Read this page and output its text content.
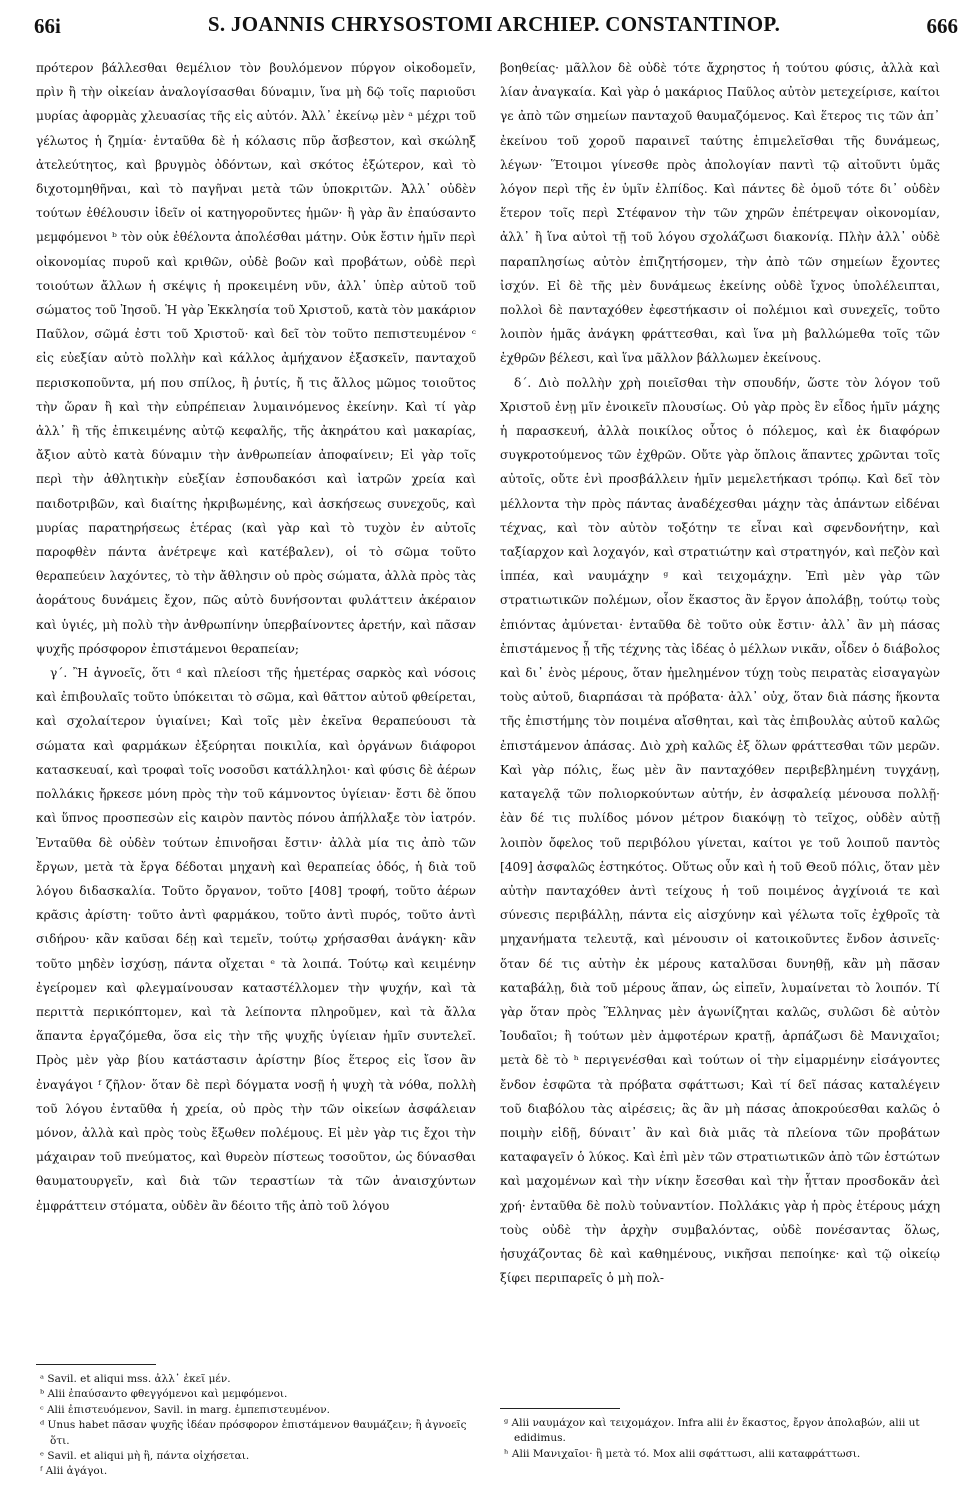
66i	S. JOANNIS CHRYSOSTOMI ARCHIEP. CONSTANTINOP.	666

πρότερον βάλλεσθαι θεμέλιον τὸν βουλόμενον πύργον οἰκοδομεῖν, πρὶν ἢ τὴν οἰκείαν ἀναλογίσασθαι δύναμιν, ἵνα μὴ δῷ τοῖς παριοῦσι μυρίας ἀφορμὰς χλευασίας τῆς εἰς αὐτόν. Ἀλλ᾽ ἐκείνῳ μὲν ᵃ μέχρι τοῦ γέλωτος ἡ ζημία· ἐνταῦθα δὲ ἡ κόλασις πῦρ ἄσβεστον, καὶ σκώληξ ἀτελεύτητος, καὶ βρυγμὸς ὀδόντων, καὶ σκότος ἐξώτερον, καὶ τὸ διχοτομηθῆναι, καὶ τὸ παγῆναι μετὰ τῶν ὑποκριτῶν. Ἀλλ᾽ οὐδὲν τούτων ἐθέλουσιν ἰδεῖν οἱ κατηγοροῦντες ἡμῶν· ἢ γὰρ ἂν ἐπαύσαντο μεμφόμενοι ᵇ τὸν οὐκ ἐθέλοντα ἀπολέσθαι μάτην. Οὐκ ἔστιν ἡμῖν περὶ οἰκονομίας πυροῦ καὶ κριθῶν, οὐδὲ βοῶν καὶ προβάτων, οὐδὲ περὶ τοιούτων ἄλλων ἡ σκέψις ἡ προκειμένη νῦν, ἀλλ᾽ ὑπὲρ αὐτοῦ τοῦ σώματος τοῦ Ἰησοῦ. Ἡ γὰρ Ἐκκλησία τοῦ Χριστοῦ, κατὰ τὸν μακάριον Παῦλον, σῶμά ἐστι τοῦ Χριστοῦ· καὶ δεῖ τὸν τοῦτο πεπιστευμένον ᶜ εἰς εὐεξίαν αὐτὸ πολλὴν καὶ κάλλος ἀμήχανον ἐξασκεῖν, πανταχοῦ περισκοποῦντα, μή που σπίλος, ἢ ῥυτίς, ἤ τις ἄλλος μῶμος τοιοῦτος τὴν ὥραν ἢ καὶ τὴν εὐπρέπειαν λυμαινόμενος ἐκείνην. Καὶ τί γὰρ ἀλλ᾽ ἢ τῆς ἐπικειμένης αὐτῷ κεφαλῆς, τῆς ἀκηράτου καὶ μακαρίας, ἄξιον αὐτὸ κατὰ δύναμιν τὴν ἀνθρωπείαν ἀποφαίνειν; Εἰ γὰρ τοῖς περὶ τὴν ἀθλητικὴν εὐεξίαν ἐσπουδακόσι καὶ ἰατρῶν χρεία καὶ παιδοτριβῶν, καὶ διαίτης ἠκριβωμένης, καὶ ἀσκήσεως συνεχοῦς, καὶ μυρίας παρατηρήσεως ἑτέρας (καὶ γὰρ καὶ τὸ τυχὸν ἐν αὐτοῖς παροφθὲν πάντα ἀνέτρεψε καὶ κατέβαλεν), οἱ τὸ σῶμα τοῦτο θεραπεύειν λαχόντες, τὸ τὴν ἄθλησιν οὐ πρὸς σώματα, ἀλλὰ πρὸς τὰς ἀοράτους δυνάμεις ἔχον, πῶς αὐτὸ δυνήσονται φυλάττειν ἀκέραιον καὶ ὑγιές, μὴ πολὺ τὴν ἀνθρωπίνην ὑπερβαίνοντες ἀρετήν, καὶ πᾶσαν ψυχῆς πρόσφορον ἐπιστάμενοι θεραπείαν;

γ´. Ἢ ἀγνοεῖς, ὅτι ᵈ καὶ πλείοσι τῆς ἡμετέρας σαρκὸς καὶ νόσοις καὶ ἐπιβουλαῖς τοῦτο ὑπόκειται τὸ σῶμα, καὶ θᾶττον αὐτοῦ φθείρεται, καὶ σχολαίτερον ὑγιαίνει; Καὶ τοῖς μὲν ἐκεῖνα θεραπεύουσι τὰ σώματα καὶ φαρμάκων ἐξεύρηται ποικιλία, καὶ ὀργάνων διάφοροι κατασκευαί, καὶ τροφαὶ τοῖς νοσοῦσι κατάλληλοι· καὶ φύσις δὲ ἀέρων πολλάκις ἤρκεσε μόνη πρὸς τὴν τοῦ κάμνοντος ὑγίειαν· ἔστι δὲ ὅπου καὶ ὕπνος προσπεσὼν εἰς καιρὸν παντὸς πόνου ἀπήλλαξε τὸν ἰατρόν. Ἐνταῦθα δὲ οὐδὲν τούτων ἐπινοῆσαι ἔστιν· ἀλλὰ μία τις ἀπὸ τῶν ἔργων, μετὰ τὰ ἔργα δέδοται μηχανὴ καὶ θεραπείας ὁδός, ἡ διὰ τοῦ λόγου διδασκαλία. Τοῦτο ὄργανον, τοῦτο [408] τροφή, τοῦτο ἀέρων κρᾶσις ἀρίστη· τοῦτο ἀντὶ φαρμάκου, τοῦτο ἀντὶ πυρός, τοῦτο ἀντὶ σιδήρου· κἂν καῦσαι δέῃ καὶ τεμεῖν, τούτῳ χρήσασθαι ἀνάγκη· κἂν τοῦτο μηδὲν ἰσχύσῃ, πάντα οἴχεται ᵉ τὰ λοιπά. Τούτῳ καὶ κειμένην ἐγείρομεν καὶ φλεγμαίνουσαν καταστέλλομεν τὴν ψυχήν, καὶ τὰ περιττὰ περικόπτομεν, καὶ τὰ λείποντα πληροῦμεν, καὶ τὰ ἄλλα ἅπαντα ἐργαζόμεθα, ὅσα εἰς τὴν τῆς ψυχῆς ὑγίειαν ἡμῖν συντελεῖ. Πρὸς μὲν γὰρ βίου κατάστασιν ἀρίστην βίος ἕτερος εἰς ἴσον ἂν ἐναγάγοι ᶠ ζῆλον· ὅταν δὲ περὶ δόγματα νοσῇ ἡ ψυχὴ τὰ νόθα, πολλὴ τοῦ λόγου ἐνταῦθα ἡ χρεία, οὐ πρὸς τὴν τῶν οἰκείων ἀσφάλειαν μόνον, ἀλλὰ καὶ πρὸς τοὺς ἔξωθεν πολέμους. Εἰ μὲν γὰρ τις ἔχοι τὴν μάχαιραν τοῦ πνεύματος, καὶ θυρεὸν πίστεως τοσοῦτον, ὡς δύνασθαι θαυματουργεῖν, καὶ διὰ τῶν τεραστίων τὰ τῶν ἀναισχύντων ἐμφράττειν στόματα, οὐδὲν ἂν δέοιτο τῆς ἀπὸ τοῦ λόγου

βοηθείας· μᾶλλον δὲ οὐδὲ τότε ἄχρηστος ἡ τούτου φύσις, ἀλλὰ καὶ λίαν ἀναγκαία. Καὶ γὰρ ὁ μακάριος Παῦλος αὐτὸν μετεχείρισε, καίτοι γε ἀπὸ τῶν σημείων πανταχοῦ θαυμαζόμενος. Καὶ ἕτερος τις τῶν ἀπ᾽ ἐκείνου τοῦ χοροῦ παραινεῖ ταύτης ἐπιμελεῖσθαι τῆς δυνάμεως, λέγων· Ἕτοιμοι γίνεσθε πρὸς ἀπολογίαν παντὶ τῷ αἰτοῦντι ὑμᾶς λόγον περὶ τῆς ἐν ὑμῖν ἐλπίδος. Καὶ πάντες δὲ ὁμοῦ τότε δι᾽ οὐδὲν ἕτερον τοῖς περὶ Στέφανον τὴν τῶν χηρῶν ἐπέτρεψαν οἰκονομίαν, ἀλλ᾽ ἢ ἵνα αὐτοὶ τῇ τοῦ λόγου σχολάζωσι διακονίᾳ. Πλὴν ἀλλ᾽ οὐδὲ παραπλησίως αὐτὸν ἐπιζητήσομεν, τὴν ἀπὸ τῶν σημείων ἔχοντες ἰσχύν. Εἰ δὲ τῆς μὲν δυνάμεως ἐκείνης οὐδὲ ἴχνος ὑπολέλειπται, πολλοὶ δὲ πανταχόθεν ἐφεστήκασιν οἱ πολέμιοι καὶ συνεχεῖς, τοῦτο λοιπὸν ἡμᾶς ἀνάγκη φράττεσθαι, καὶ ἵνα μὴ βαλλώμεθα τοῖς τῶν ἐχθρῶν βέλεσι, καὶ ἵνα μᾶλλον βάλλωμεν ἐκείνους.

δ´. Διὸ πολλὴν χρὴ ποιεῖσθαι τὴν σπουδήν, ὥστε τὸν λόγον τοῦ Χριστοῦ ἐνῃ μῖν ἐνοικεῖν πλουσίως. Οὐ γὰρ πρὸς ἓν εἶδος ἡμῖν μάχης ἡ παρασκευή, ἀλλὰ ποικίλος οὗτος ὁ πόλεμος, καὶ ἐκ διαφόρων συγκροτούμενος τῶν ἐχθρῶν. Οὔτε γὰρ ὅπλοις ἅπαντες χρῶνται τοῖς αὐτοῖς, οὔτε ἑνὶ προσβάλλειν ἡμῖν μεμελετήκασι τρόπῳ. Καὶ δεῖ τὸν μέλλοντα τὴν πρὸς πάντας ἀναδέχεσθαι μάχην τὰς ἁπάντων εἰδέναι τέχνας, καὶ τὸν αὐτὸν τοξότην τε εἶναι καὶ σφενδονήτην, καὶ ταξίαρχον καὶ λοχαγόν, καὶ στρατιώτην καὶ στρατηγόν, καὶ πεζὸν καὶ ἱππέα, καὶ ναυμάχην ᵍ καὶ τειχομάχην. Ἐπὶ μὲν γὰρ τῶν στρατιωτικῶν πολέμων, οἷον ἕκαστος ἂν ἔργον ἀπολάβῃ, τούτῳ τοὺς ἐπιόντας ἀμύνεται· ἐνταῦθα δὲ τοῦτο οὐκ ἔστιν· ἀλλ᾽ ἂν μὴ πάσας ἐπιστάμενος ᾖ τῆς τέχνης τὰς ἰδέας ὁ μέλλων νικᾶν, οἶδεν ὁ διάβολος καὶ δι᾽ ἑνὸς μέρους, ὅταν ἠμελημένον τύχῃ τοὺς πειρατὰς εἰσαγαγὼν τοὺς αὐτοῦ, διαρπάσαι τὰ πρόβατα· ἀλλ᾽ οὐχ, ὅταν διὰ πάσης ἥκοντα τῆς ἐπιστήμης τὸν ποιμένα αἴσθηται, καὶ τὰς ἐπιβουλὰς αὐτοῦ καλῶς ἐπιστάμενον ἁπάσας. Διὸ χρὴ καλῶς ἐξ ὅλων φράττεσθαι τῶν μερῶν. Καὶ γὰρ πόλις, ἕως μὲν ἂν πανταχόθεν περιβεβλημένη τυγχάνῃ, καταγελᾷ τῶν πολιορκούντων αὐτήν, ἐν ἀσφαλείᾳ μένουσα πολλῇ· ἐὰν δέ τις πυλίδος μόνον μέτρον διακόψῃ τὸ τεῖχος, οὐδὲν αὐτῇ λοιπὸν ὄφελος τοῦ περιβόλου γίνεται, καίτοι γε τοῦ λοιποῦ παντὸς [409] ἀσφαλῶς ἑστηκότος. Οὕτως οὖν καὶ ἡ τοῦ Θεοῦ πόλις, ὅταν μὲν αὐτὴν πανταχόθεν ἀντὶ τείχους ἡ τοῦ ποιμένος ἀγχίνοιά τε καὶ σύνεσις περιβάλλῃ, πάντα εἰς αἰσχύνην καὶ γέλωτα τοῖς ἐχθροῖς τὰ μηχανήματα τελευτᾷ, καὶ μένουσιν οἱ κατοικοῦντες ἔνδον ἀσινεῖς· ὅταν δέ τις αὐτὴν ἐκ μέρους καταλῦσαι δυνηθῇ, κἂν μὴ πᾶσαν καταβάλῃ, διὰ τοῦ μέρους ἅπαν, ὡς εἰπεῖν, λυμαίνεται τὸ λοιπόν. Τί γὰρ ὅταν πρὸς Ἕλληνας μὲν ἀγωνίζηται καλῶς, συλῶσι δὲ αὐτὸν Ἰουδαῖοι; ἢ τούτων μὲν ἀμφοτέρων κρατῇ, ἁρπάζωσι δὲ Μανιχαῖοι; μετὰ δὲ τὸ ʰ περιγενέσθαι καὶ τούτων οἱ τὴν εἱμαρμένην εἰσάγοντες ἔνδον ἐσφῶτα τὰ πρόβατα σφάττωσι; Καὶ τί δεῖ πάσας καταλέγειν τοῦ διαβόλου τὰς αἱρέσεις; ἃς ἂν μὴ πάσας ἀποκρούεσθαι καλῶς ὁ ποιμὴν εἰδῇ, δύναιτ᾽ ἂν καὶ διὰ μιᾶς τὰ πλείονα τῶν προβάτων καταφαγεῖν ὁ λύκος. Καὶ ἐπὶ μὲν τῶν στρατιωτικῶν ἀπὸ τῶν ἑστώτων καὶ μαχομένων καὶ τὴν νίκην ἔσεσθαι καὶ τὴν ἧτταν προσδοκᾶν ἀεὶ χρή· ἐνταῦθα δὲ πολὺ τοὐναντίον. Πολλάκις γὰρ ἡ πρὸς ἑτέρους μάχη τοὺς οὐδὲ τὴν ἀρχὴν συμβαλόντας, οὐδὲ πονέσαντας ὅλως, ἡσυχάζοντας δὲ καὶ καθημένους, νικῆσαι πεποίηκε· καὶ τῷ οἰκείῳ ξίφει περιπαρεῖς ὁ μὴ πολ-

ᵃ Savil. et aliqui mss. ἀλλ᾽ ἐκεῖ μέν.

ᵇ Alii ἐπαύσαντο φθεγγόμενοι καὶ μεμφόμενοι.

ᶜ Alii ἐπιστευόμενον, Savil. in marg. ἐμπεπιστευμένον.

ᵈ Unus habet πᾶσαν ψυχῆς ἰδέαν πρόσφορον ἐπιστάμενον θαυμάζειν; ἢ ἀγνοεῖς ὅτι.

ᵉ Savil. et aliqui μὴ ἢ, πάντα οἰχήσεται.

ᶠ Alii ἀγάγοι.

ᵍ Alii ναυμάχον καὶ τειχομάχον. Infra alii ἐν ἕκαστος, ἔργον ἀπολαβών, alii ut edidimus.

ʰ Alii Μανιχαῖοι· ἢ μετὰ τό. Mox alii σφάττωσι, alii καταφράττωσι.
